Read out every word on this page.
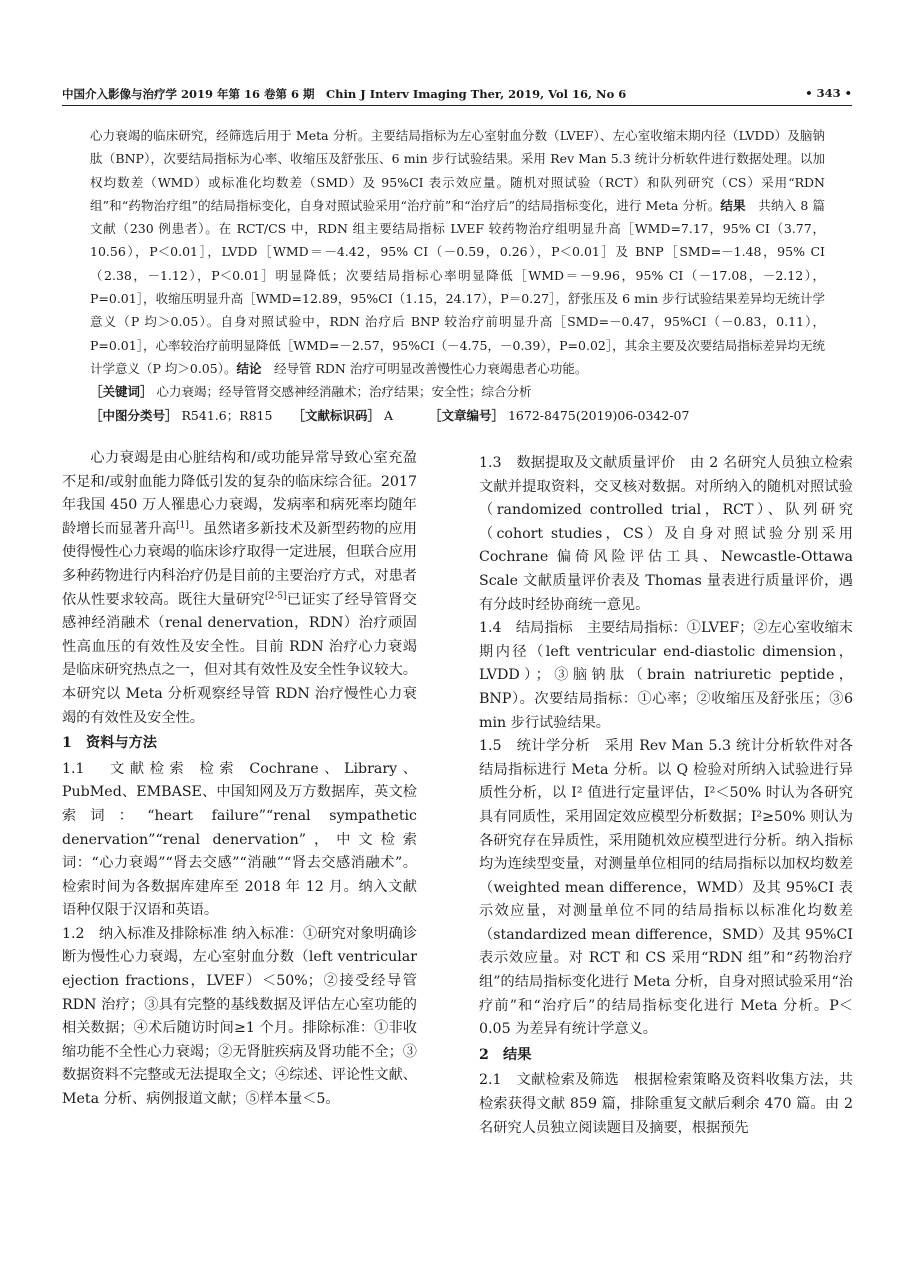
中国介入影像与治疗学 2019 年第 16 卷第 6 期　Chin J Interv Imaging Ther, 2019, Vol 16, No 6	• 343 •

心力衰竭的临床研究，经筛选后用于 Meta 分析。主要结局指标为左心室射血分数（LVEF）、左心室收缩末期内径（LVDD）及脑钠肽（BNP），次要结局指标为心率、收缩压及舒张压、6 min 步行试验结果。采用 Rev Man 5.3 统计分析软件进行数据处理。以加权均数差（WMD）或标准化均数差（SMD）及 95%CI 表示效应量。随机对照试验（RCT）和队列研究（CS）采用“RDN 组”和“药物治疗组”的结局指标变化，自身对照试验采用“治疗前”和“治疗后”的结局指标变化，进行 Meta 分析。结果　 共纳入 8 篇文献（230 例患者）。在 RCT/CS 中，RDN 组主要结局指标 LVEF 较药物治疗组明显升高［WMD=7.17，95% CI（3.77，10.56），P＜0.01］，LVDD［WMD＝－4.42，95% CI（－0.59，0.26），P＜0.01］及 BNP［SMD=－1.48，95% CI（2.38，－1.12），P＜0.01］明显降低；次要结局指标心率明显降低［WMD＝－9.96，95% CI（－17.08，－2.12），P=0.01］，收缩压明显升高［WMD=12.89，95%CI（1.15，24.17），P＝0.27］，舒张压及 6 min 步行试验结果差异均无统计学意义（P 均＞0.05）。自身对照试验中，RDN 治疗后 BNP 较治疗前明显升高［SMD=－0.47，95%CI（－0.83，0.11），P=0.01］，心率较治疗前明显降低［WMD=－2.57，95%CI（－4.75，－0.39），P=0.02］，其余主要及次要结局指标差异均无统计学意义（P 均＞0.05）。结论　 经导管 RDN 治疗可明显改善慢性心力衰竭患者心功能。

［关键词］ 心力衰竭；经导管肾交感神经消融术；治疗结果；安全性；综合分析

［中图分类号］ R541.6；R815 ［文献标识码］ A	［文章编号］ 1672-8475(2019)06-0342-07

心力衰竭是由心脏结构和/或功能异常导致心室充盈不足和/或射血能力降低引发的复杂的临床综合征。2017 年我国 450 万人罹患心力衰竭，发病率和病死率均随年龄增长而显著升高[1]。虽然诸多新技术及新型药物的应用使得慢性心力衰竭的临床诊疗取得一定进展，但联合应用多种药物进行内科治疗仍是目前的主要治疗方式，对患者依从性要求较高。既往大量研究[2-5]已证实了经导管肾交感神经消融术（renal denervation，RDN）治疗顽固性高血压的有效性及安全性。目前 RDN 治疗心力衰竭是临床研究热点之一，但对其有效性及安全性争议较大。本研究以 Meta 分析观察经导管 RDN 治疗慢性心力衰竭的有效性及安全性。

1　资料与方法

1.1　文献检索 检索 Cochrane、Library、PubMed、EMBASE、中国知网及万方数据库，英文检索词：“heart failure”“renal sympathetic denervation”“renal denervation”，中文检索词：“心力衰竭”“肾去交感”“消融”“肾去交感消融术”。检索时间为各数据库建库至 2018 年 12 月。纳入文献语种仅限于汉语和英语。

1.2　纳入标准及排除标准 纳入标准：①研究对象明确诊断为慢性心力衰竭，左心室射血分数（left ventricular ejection fractions，LVEF）＜50%；②接受经导管 RDN 治疗；③具有完整的基线数据及评估左心室功能的相关数据；④术后随访时间≥1 个月。排除标准：①非收缩功能不全性心力衰竭；②无肾脏疾病及肾功能不全；③数据资料不完整或无法提取全文；④综述、评论性文献、Meta 分析、病例报道文献；⑤样本量＜5。

1.3　数据提取及文献质量评价　 由 2 名研究人员独立检索文献并提取资料，交叉核对数据。对所纳入的随机对照试验（randomized controlled trial，RCT）、队列研究（cohort studies，CS）及自身对照试验分别采用 Cochrane 偏倚风险评估工具、Newcastle-Ottawa Scale 文献质量评价表及 Thomas 量表进行质量评价，遇有分歧时经协商统一意见。

1.4　结局指标　 主要结局指标：①LVEF；②左心室收缩末期内径（left ventricular end-diastolic dimension，LVDD）；③脑钠肽（brain natriuretic peptide，BNP）。次要结局指标：①心率；②收缩压及舒张压；③6 min 步行试验结果。

1.5　统计学分析　 采用 Rev Man 5.3 统计分析软件对各结局指标进行 Meta 分析。以 Q 检验对所纳入试验进行异质性分析，以 I² 值进行定量评估，I²＜50% 时认为各研究具有同质性，采用固定效应模型分析数据；I²≥50% 则认为各研究存在异质性，采用随机效应模型进行分析。纳入指标均为连续型变量，对测量单位相同的结局指标以加权均数差（weighted mean difference，WMD）及其 95%CI 表示效应量，对测量单位不同的结局指标以标准化均数差（standardized mean difference，SMD）及其 95%CI 表示效应量。对 RCT 和 CS 采用“RDN 组”和“药物治疗组”的结局指标变化进行 Meta 分析，自身对照试验采用“治疗前”和“治疗后”的结局指标变化进行 Meta 分析。P＜0.05 为差异有统计学意义。

2　结果

2.1　文献检索及筛选　 根据检索策略及资料收集方法，共检索获得文献 859 篇，排除重复文献后剩余 470 篇。由 2 名研究人员独立阅读题目及摘要，根据预先
